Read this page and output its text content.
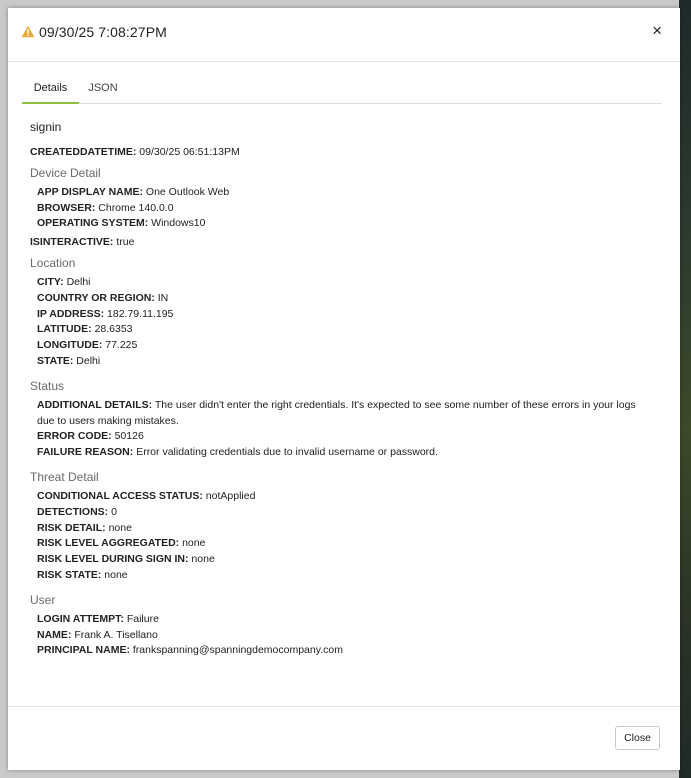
09/30/25 7:08:27PM	×
Details	JSON
signin
CREATEDDATETIME: 09/30/25 06:51:13PM
Device Detail
APP DISPLAY NAME: One Outlook Web
BROWSER: Chrome 140.0.0
OPERATING SYSTEM: Windows10
ISINTERACTIVE: true
Location
CITY: Delhi
COUNTRY OR REGION: IN
IP ADDRESS: 182.79.11.195
LATITUDE: 28.6353
LONGITUDE: 77.225
STATE: Delhi
Status
ADDITIONAL DETAILS: The user didn't enter the right credentials. It's expected to see some number of these errors in your logs due to users making mistakes.
ERROR CODE: 50126
FAILURE REASON: Error validating credentials due to invalid username or password.
Threat Detail
CONDITIONAL ACCESS STATUS: notApplied
DETECTIONS: 0
RISK DETAIL: none
RISK LEVEL AGGREGATED: none
RISK LEVEL DURING SIGN IN: none
RISK STATE: none
User
LOGIN ATTEMPT: Failure
NAME: Frank A. Tisellano
PRINCIPAL NAME: frankspanning@spanningdemocompany.com
Close
